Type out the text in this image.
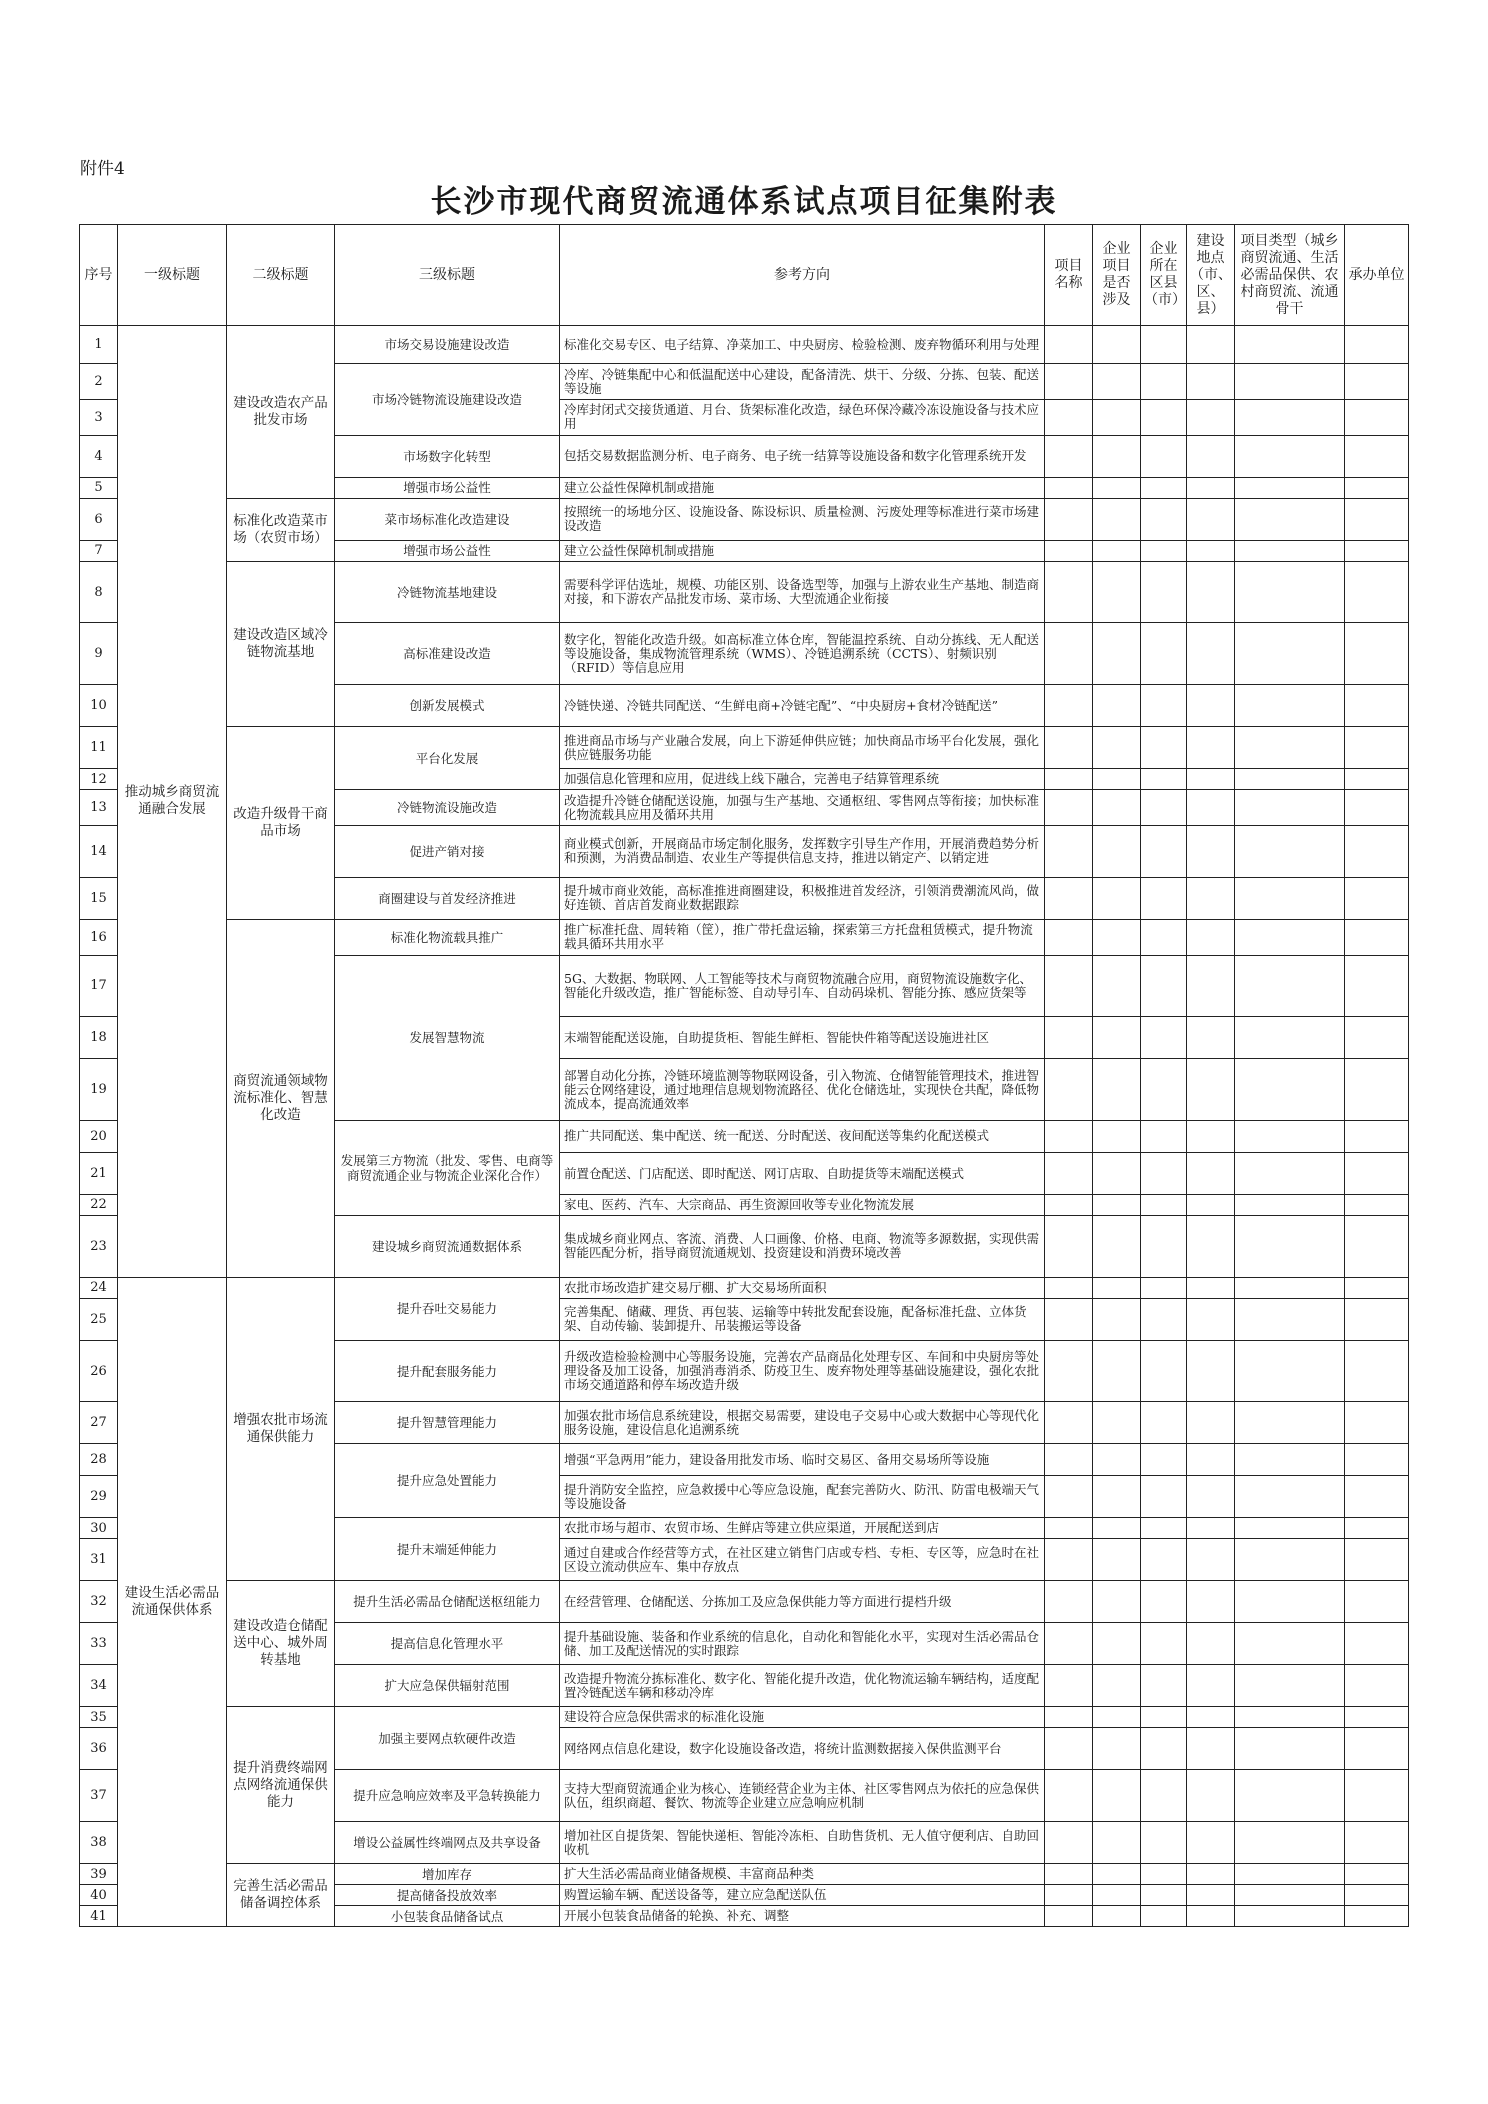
附件4
长沙市现代商贸流通体系试点项目征集附表
序号	一级标题	二级标题	三级标题	参考方向	项目名称	企业项目是否涉及	企业所在区县（市）	建设地点（市、区、县）	项目类型（城乡商贸流通、生活必需品保供、农村商贸流、流通骨干	承办单位
1	推动城乡商贸流通融合发展	建设改造农产品批发市场	市场交易设施建设改造	标准化交易专区、电子结算、净菜加工、中央厨房、检验检测、废弃物循环利用与处理						
2			市场冷链物流设施建设改造	冷库、冷链集配中心和低温配送中心建设，配备清洗、烘干、分级、分拣、包装、配送等设施						
3				冷库封闭式交接货通道、月台、货架标准化改造，绿色环保冷藏冷冻设施设备与技术应用						
4			市场数字化转型	包括交易数据监测分析、电子商务、电子统一结算等设施设备和数字化管理系统开发						
5			增强市场公益性	建立公益性保障机制或措施						
6		标准化改造菜市场（农贸市场）	菜市场标准化改造建设	按照统一的场地分区、设施设备、陈设标识、质量检测、污废处理等标准进行菜市场建设改造						
7			增强市场公益性	建立公益性保障机制或措施						
8		建设改造区域冷链物流基地	冷链物流基地建设	需要科学评估选址，规模、功能区别、设备选型等，加强与上游农业生产基地、制造商对接，和下游农产品批发市场、菜市场、大型流通企业衔接						
9			高标准建设改造	数字化，智能化改造升级。如高标准立体仓库，智能温控系统、自动分拣线、无人配送等设施设备，集成物流管理系统（WMS）、冷链追溯系统（CCTS）、射频识别（RFID）等信息应用						
10			创新发展模式	冷链快递、冷链共同配送、“生鲜电商+冷链宅配”、“中央厨房+食材冷链配送”						
11		改造升级骨干商品市场	平台化发展	推进商品市场与产业融合发展，向上下游延伸供应链；加快商品市场平台化发展，强化供应链服务功能						
12				加强信息化管理和应用，促进线上线下融合，完善电子结算管理系统						
13			冷链物流设施改造	改造提升冷链仓储配送设施，加强与生产基地、交通枢纽、零售网点等衔接；加快标准化物流载具应用及循环共用						
14			促进产销对接	商业模式创新，开展商品市场定制化服务，发挥数字引导生产作用，开展消费趋势分析和预测，为消费品制造、农业生产等提供信息支持，推进以销定产、以销定进						
15			商圈建设与首发经济推进	提升城市商业效能，高标准推进商圈建设，积极推进首发经济，引领消费潮流风尚，做好连锁、首店首发商业数据跟踪						
16		商贸流通领域物流标准化、智慧化改造	标准化物流载具推广	推广标准托盘、周转箱（筐），推广带托盘运输，探索第三方托盘租赁模式，提升物流载具循环共用水平						
17			发展智慧物流	5G、大数据、物联网、人工智能等技术与商贸物流融合应用，商贸物流设施数字化、智能化升级改造，推广智能标签、自动导引车、自动码垛机、智能分拣、感应货架等						
18				末端智能配送设施，自助提货柜、智能生鲜柜、智能快件箱等配送设施进社区						
19				部署自动化分拣，冷链环境监测等物联网设备，引入物流、仓储智能管理技术，推进智能云仓网络建设，通过地理信息规划物流路径、优化仓储选址，实现快仓共配，降低物流成本，提高流通效率						
20			发展第三方物流（批发、零售、电商等商贸流通企业与物流企业深化合作）	推广共同配送、集中配送、统一配送、分时配送、夜间配送等集约化配送模式						
21				前置仓配送、门店配送、即时配送、网订店取、自助提货等末端配送模式						
22				家电、医药、汽车、大宗商品、再生资源回收等专业化物流发展						
23			建设城乡商贸流通数据体系	集成城乡商业网点、客流、消费、人口画像、价格、电商、物流等多源数据，实现供需智能匹配分析，指导商贸流通规划、投资建设和消费环境改善						
24	建设生活必需品流通保供体系	增强农批市场流通保供能力	提升吞吐交易能力	农批市场改造扩建交易厅棚、扩大交易场所面积						
25				完善集配、储藏、理货、再包装、运输等中转批发配套设施，配备标准托盘、立体货架、自动传输、装卸提升、吊装搬运等设备						
26			提升配套服务能力	升级改造检验检测中心等服务设施，完善农产品商品化处理专区、车间和中央厨房等处理设备及加工设备，加强消毒消杀、防疫卫生、废弃物处理等基础设施建设，强化农批市场交通道路和停车场改造升级						
27			提升智慧管理能力	加强农批市场信息系统建设，根据交易需要，建设电子交易中心或大数据中心等现代化服务设施，建设信息化追溯系统						
28			提升应急处置能力	增强“平急两用”能力，建设备用批发市场、临时交易区、备用交易场所等设施						
29				提升消防安全监控，应急救援中心等应急设施，配套完善防火、防汛、防雷电极端天气等设施设备						
30			提升末端延伸能力	农批市场与超市、农贸市场、生鲜店等建立供应渠道，开展配送到店						
31				通过自建或合作经营等方式，在社区建立销售门店或专档、专柜、专区等，应急时在社区设立流动供应车、集中存放点						
32		建设改造仓储配送中心、城外周转基地	提升生活必需品仓储配送枢纽能力	在经营管理、仓储配送、分拣加工及应急保供能力等方面进行提档升级						
33			提高信息化管理水平	提升基础设施、装备和作业系统的信息化，自动化和智能化水平，实现对生活必需品仓储、加工及配送情况的实时跟踪						
34			扩大应急保供辐射范围	改造提升物流分拣标准化、数字化、智能化提升改造，优化物流运输车辆结构，适度配置冷链配送车辆和移动冷库						
35		提升消费终端网点网络流通保供能力	加强主要网点软硬件改造	建设符合应急保供需求的标准化设施						
36				网络网点信息化建设，数字化设施设备改造，将统计监测数据接入保供监测平台						
37			提升应急响应效率及平急转换能力	支持大型商贸流通企业为核心、连锁经营企业为主体、社区零售网点为依托的应急保供队伍，组织商超、餐饮、物流等企业建立应急响应机制						
38			增设公益属性终端网点及共享设备	增加社区自提货架、智能快递柜、智能冷冻柜、自助售货机、无人值守便利店、自助回收机						
39		完善生活必需品储备调控体系	增加库存	扩大生活必需品商业储备规模、丰富商品种类						
40			提高储备投放效率	购置运输车辆、配送设备等，建立应急配送队伍						
41			小包装食品储备试点	开展小包装食品储备的轮换、补充、调整						
